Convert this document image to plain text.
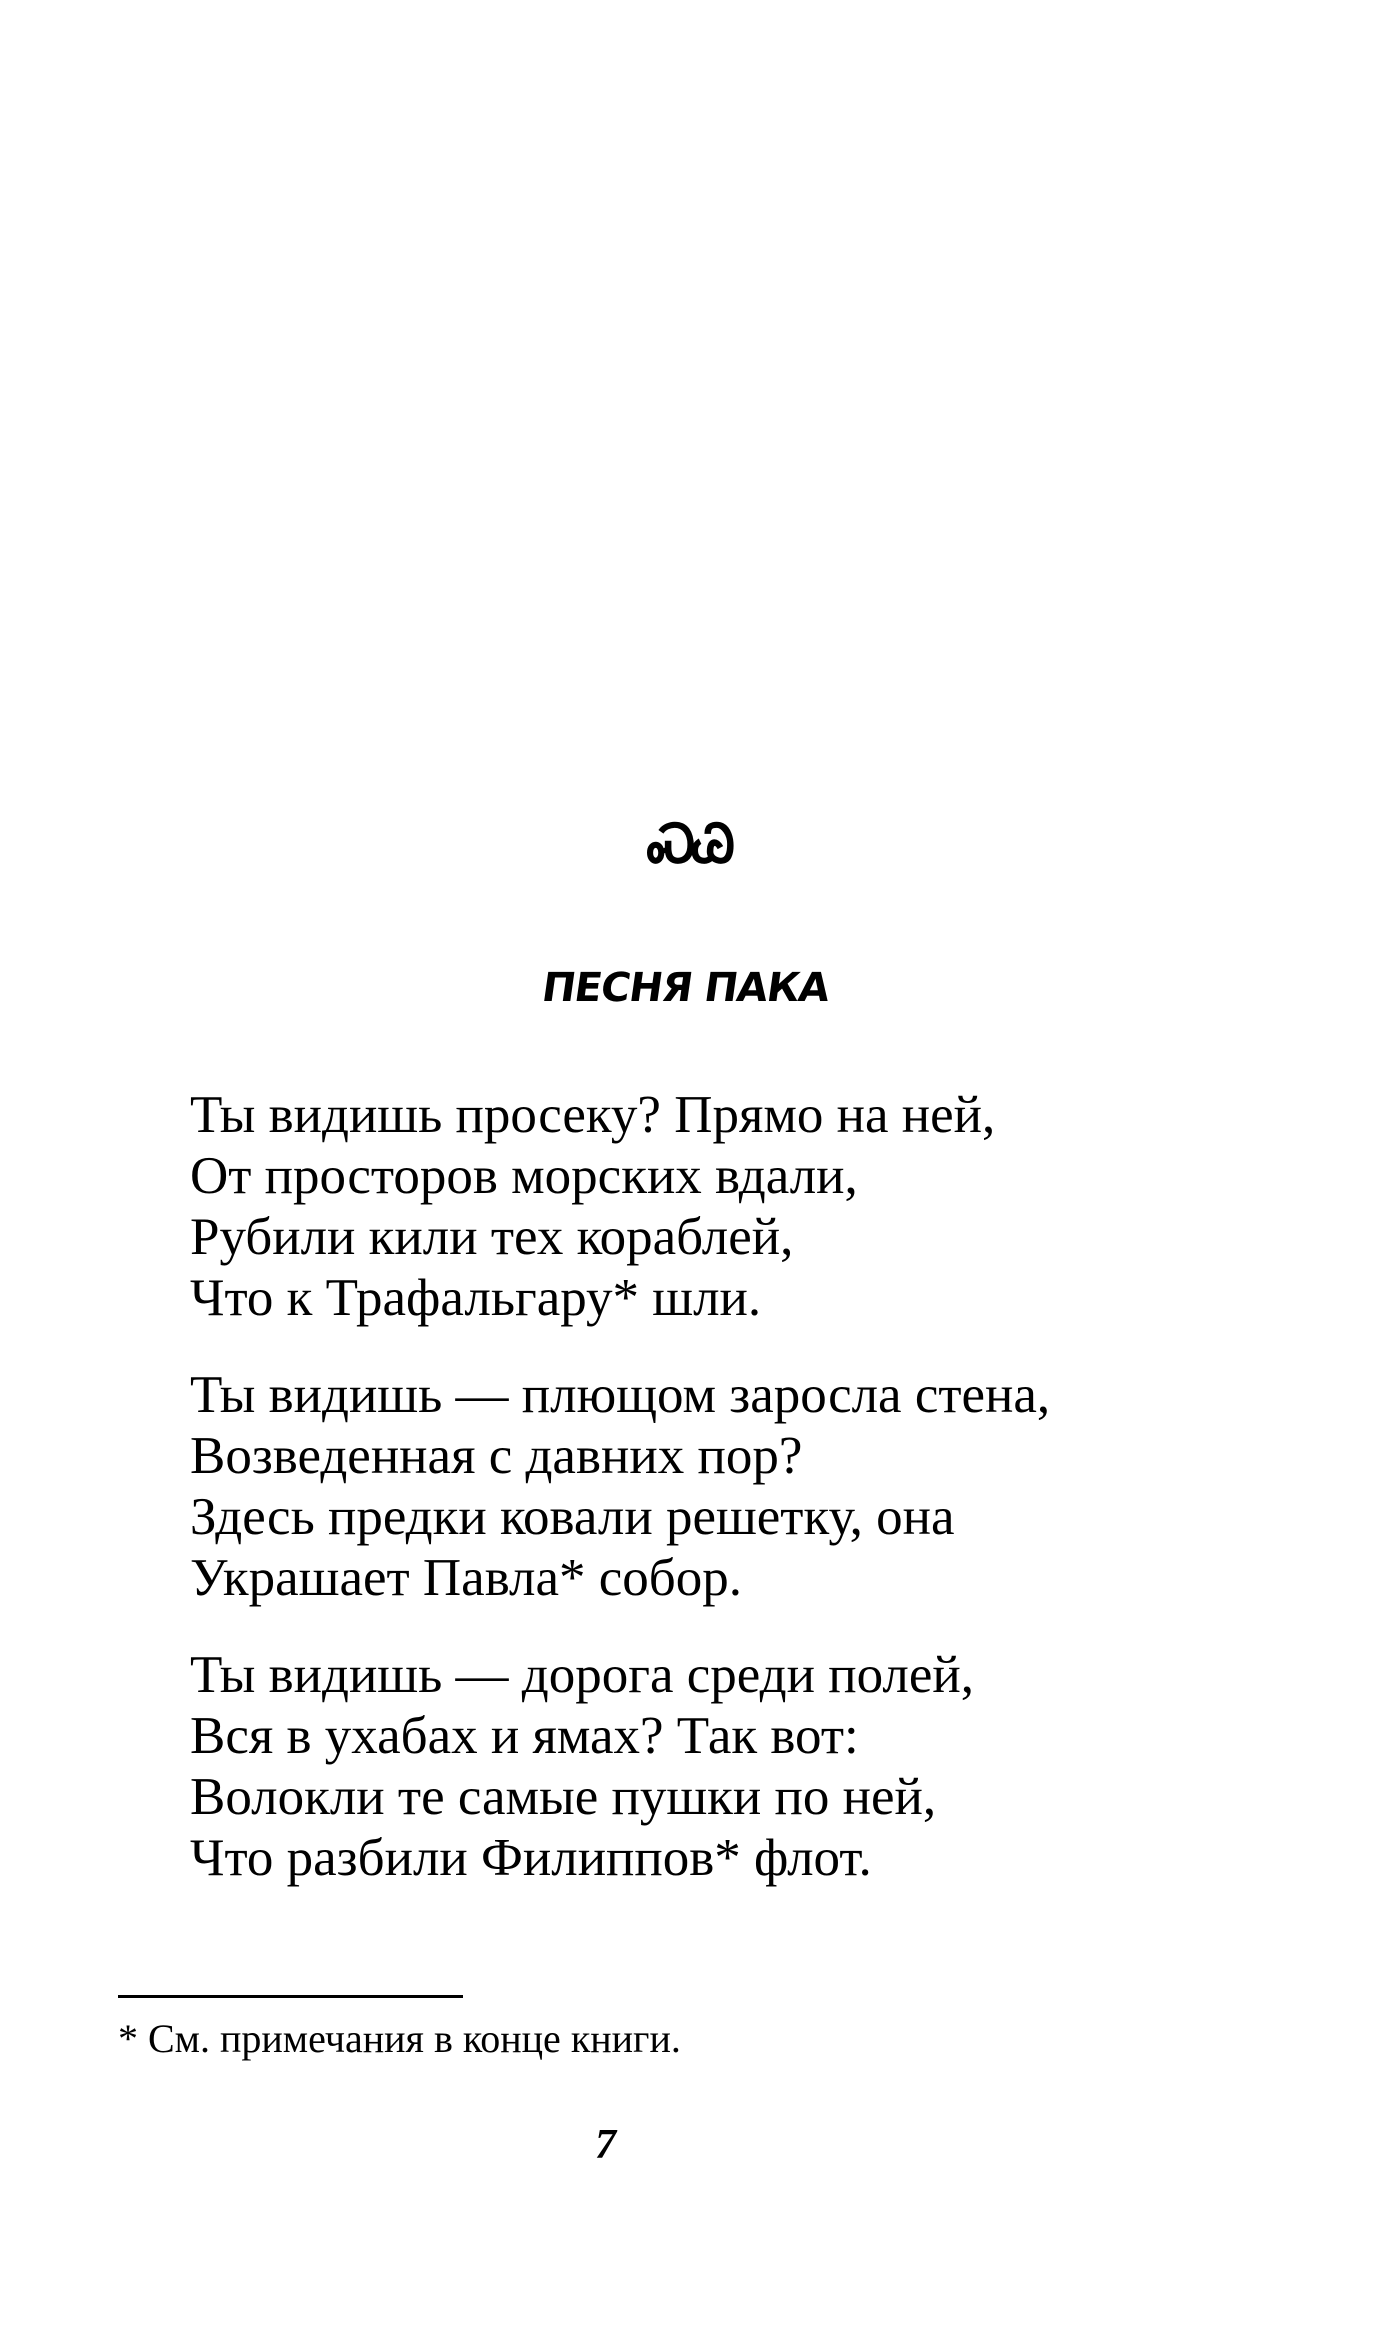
ᏍᏊ
ПЕСНЯ ПАКА
Ты видишь просеку? Прямо на ней,
От просторов морских вдали,
Рубили кили тех кораблей,
Что к Трафальгару* шли.
Ты видишь — плющом заросла стена,
Возведенная с давних пор?
Здесь предки ковали решетку, она
Украшает Павла* собор.
Ты видишь — дорога среди полей,
Вся в ухабах и ямах? Так вот:
Волокли те самые пушки по ней,
Что разбили Филиппов* флот.
* См. примечания в конце книги.
7
